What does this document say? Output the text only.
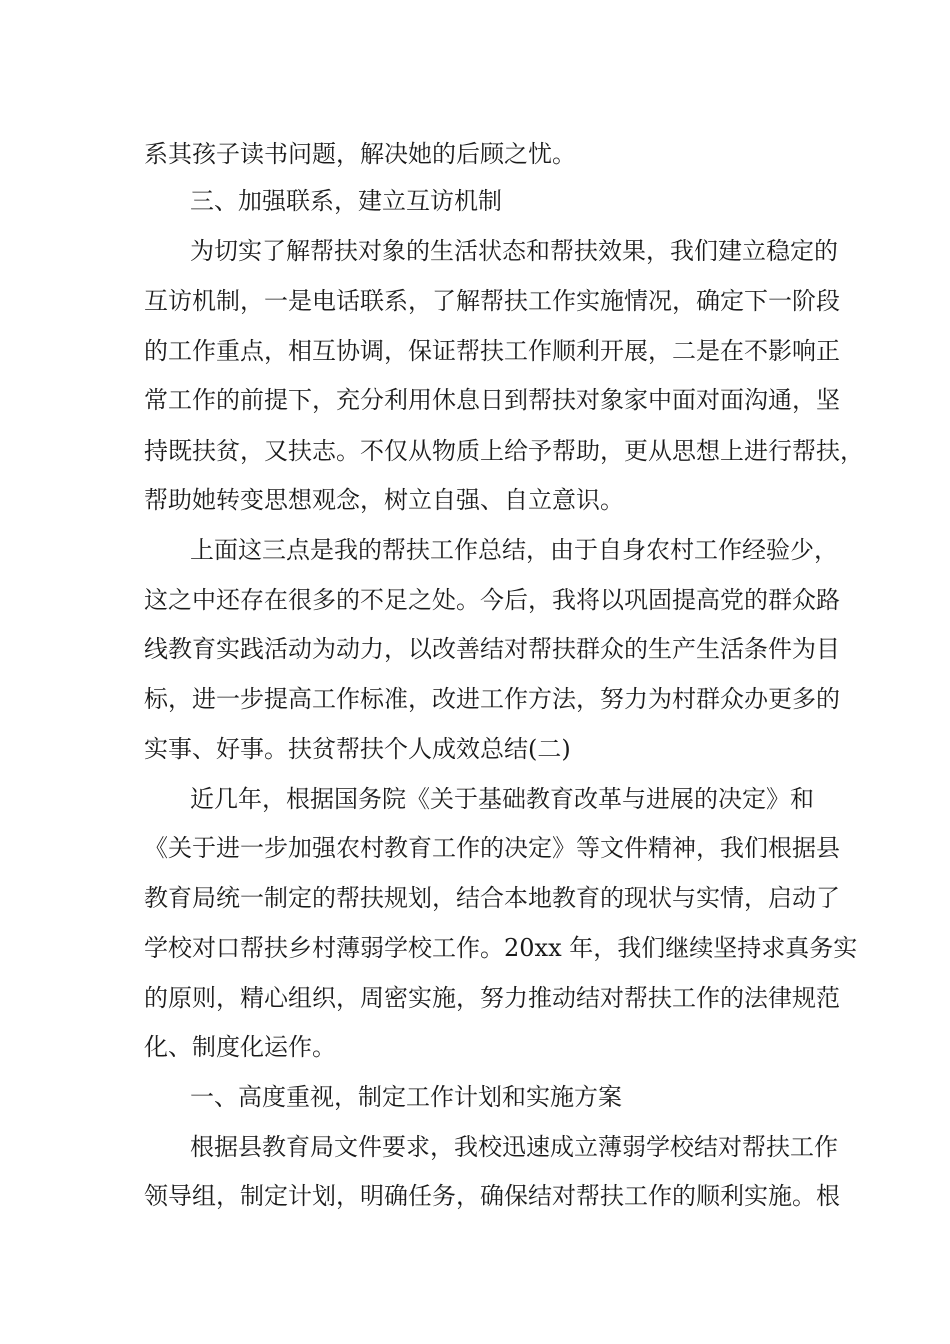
系其孩子读书问题，解决她的后顾之忧。
三、加强联系，建立互访机制
为切实了解帮扶对象的生活状态和帮扶效果，我们建立稳定的
互访机制，一是电话联系，了解帮扶工作实施情况，确定下一阶段
的工作重点，相互协调，保证帮扶工作顺利开展，二是在不影响正
常工作的前提下，充分利用休息日到帮扶对象家中面对面沟通，坚
持既扶贫，又扶志。不仅从物质上给予帮助，更从思想上进行帮扶，
帮助她转变思想观念，树立自强、自立意识。
上面这三点是我的帮扶工作总结，由于自身农村工作经验少，
这之中还存在很多的不足之处。今后，我将以巩固提高党的群众路
线教育实践活动为动力，以改善结对帮扶群众的生产生活条件为目
标，进一步提高工作标准，改进工作方法，努力为村群众办更多的
实事、好事。扶贫帮扶个人成效总结(二)
近几年，根据国务院《关于基础教育改革与进展的决定》和
《关于进一步加强农村教育工作的决定》等文件精神，我们根据县
教育局统一制定的帮扶规划，结合本地教育的现状与实情，启动了
学校对口帮扶乡村薄弱学校工作。20xx 年，我们继续坚持求真务实
的原则，精心组织，周密实施，努力推动结对帮扶工作的法律规范
化、制度化运作。
一、高度重视，制定工作计划和实施方案
根据县教育局文件要求，我校迅速成立薄弱学校结对帮扶工作
领导组，制定计划，明确任务，确保结对帮扶工作的顺利实施。根
